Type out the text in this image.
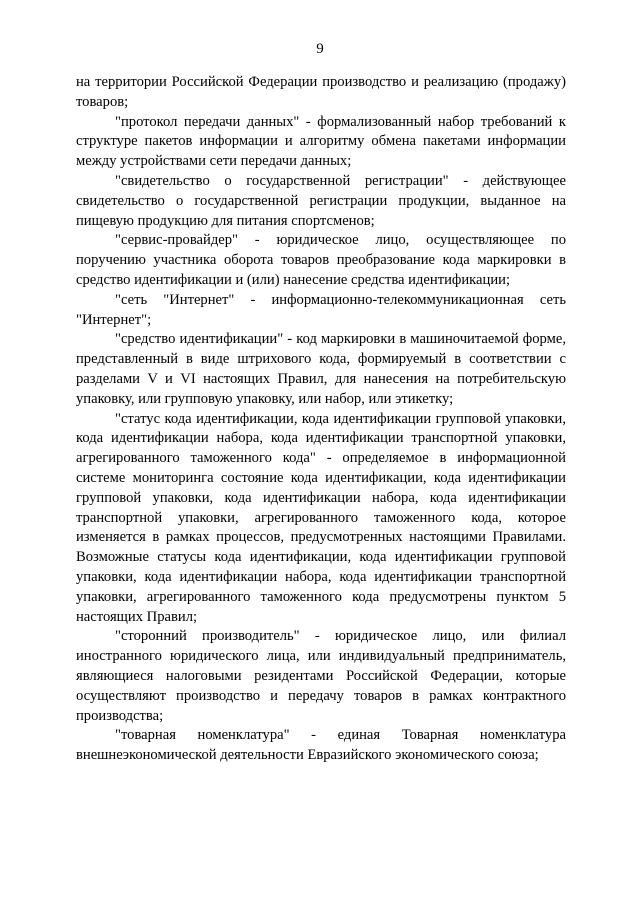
9

на территории Российской Федерации производство и реализацию (продажу) товаров;

"протокол передачи данных" - формализованный набор требований к структуре пакетов информации и алгоритму обмена пакетами информации между устройствами сети передачи данных;

"свидетельство о государственной регистрации" - действующее свидетельство о государственной регистрации продукции, выданное на пищевую продукцию для питания спортсменов;

"сервис-провайдер" - юридическое лицо, осуществляющее по поручению участника оборота товаров преобразование кода маркировки в средство идентификации и (или) нанесение средства идентификации;

"сеть "Интернет" - информационно-телекоммуникационная сеть "Интернет";

"средство идентификации" - код маркировки в машиночитаемой форме, представленный в виде штрихового кода, формируемый в соответствии с разделами V и VI настоящих Правил, для нанесения на потребительскую упаковку, или групповую упаковку, или набор, или этикетку;

"статус кода идентификации, кода идентификации групповой упаковки, кода идентификации набора, кода идентификации транспортной упаковки, агрегированного таможенного кода" - определяемое в информационной системе мониторинга состояние кода идентификации, кода идентификации групповой упаковки, кода идентификации набора, кода идентификации транспортной упаковки, агрегированного таможенного кода, которое изменяется в рамках процессов, предусмотренных настоящими Правилами. Возможные статусы кода идентификации, кода идентификации групповой упаковки, кода идентификации набора, кода идентификации транспортной упаковки, агрегированного таможенного кода предусмотрены пунктом 5 настоящих Правил;

"сторонний производитель" - юридическое лицо, или филиал иностранного юридического лица, или индивидуальный предприниматель, являющиеся налоговыми резидентами Российской Федерации, которые осуществляют производство и передачу товаров в рамках контрактного производства;

"товарная номенклатура" - единая Товарная номенклатура внешнеэкономической деятельности Евразийского экономического союза;
